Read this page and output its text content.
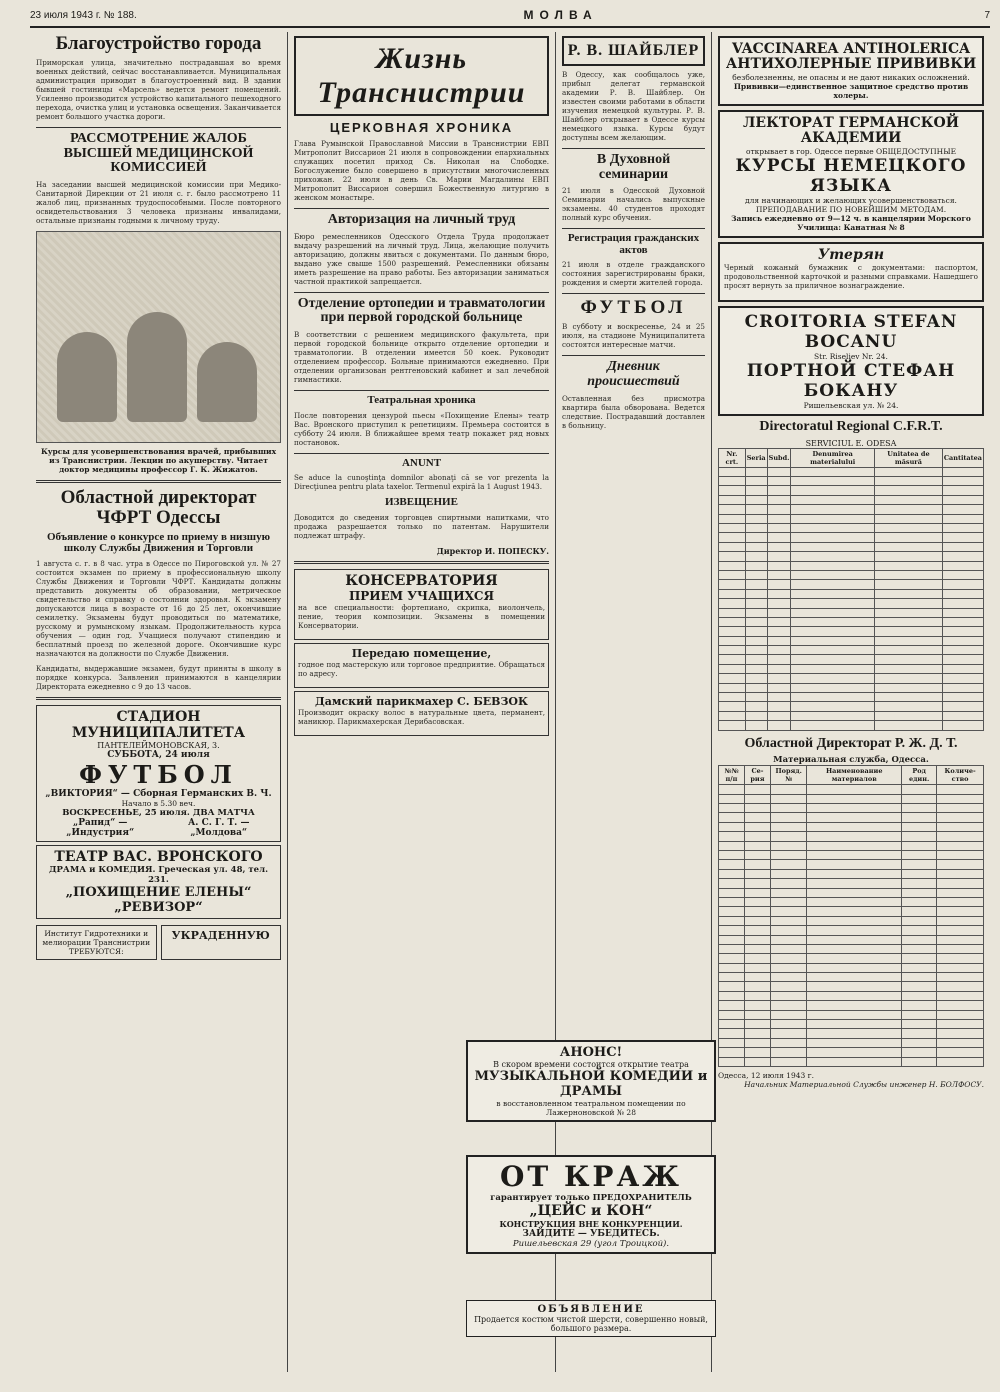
23 июля 1943 г. № 188.	МОЛВА	7
Благоустройство города

Приморская улица, значительно пострадавшая во время военных действий, сейчас восстанавливается. Муниципальная администрация приводит в благоустроенный вид. В здании бывшей гостиницы «Марсель» ведется ремонт помещений. Усиленно производится устройство капитального пешеходного перехода, очистка улиц и установка освещения. Заканчивается ремонт большого участка дороги.

РАССМОТРЕНИЕ ЖАЛОБ ВЫСШЕЙ МЕДИЦИНСКОЙ КОМИССИЕЙ

На заседании высшей медицинской комиссии при Медико-Санитарной Дирекции от 21 июля с. г. было рассмотрено 11 жалоб лиц, признанных трудоспособными. После повторного освидетельствования 3 человека признаны инвалидами, остальные признаны годными к личному труду.

Курсы для усовершенствования врачей, прибывших из Транснистрии. Лекции по акушерству. Читает доктор медицины профессор Г. К. Жижатов.
Областной директорат ЧФРТ Одессы
Объявление о конкурсе по приему в низшую школу Службы Движения и Торговли

1 августа с. г. в 8 час. утра в Одессе по Пироговской ул. № 27 состоится экзамен по приему в профессиональную школу Службы Движения и Торговли ЧФРТ. Кандидаты должны представить документы об образовании, метрическое свидетельство и справку о состоянии здоровья. К экзамену допускаются лица в возрасте от 16 до 25 лет, окончившие семилетку. Экзамены будут проводиться по математике, русскому и румынскому языкам. Продолжительность курса обучения — один год. Учащиеся получают стипендию и бесплатный проезд по железной дороге. Окончившие курс назначаются на должности по Службе Движения.

Кандидаты, выдержавшие экзамен, будут приняты в школу в порядке конкурса. Заявления принимаются в канцелярии Директората ежедневно с 9 до 13 часов.

СТАДИОН МУНИЦИПАЛИТЕТА
ПАНТЕЛЕЙМОНОВСКАЯ, 3.
СУББОТА, 24 июля
ФУТБОЛ
„ВИКТОРИЯ“ — Сборная Германских В. Ч.
Начало в 5.30 веч.
ВОСКРЕСЕНЬЕ, 25 июля. ДВА МАТЧА
„Рапид“ — „Индустрия“
А. С. Г. Т. — „Молдова“
ТЕАТР ВАС. ВРОНСКОГО
ДРАМА и КОМЕДИЯ. Греческая ул. 48, тел. 231.
„ПОХИЩЕНИЕ ЕЛЕНЫ“
„РЕВИЗОР“
Институт Гидротехники и мелиорации Транснистрии ТРЕБУЮТСЯ:
УКРАДЕННУЮ
Жизнь Транснистрии
ЦЕРКОВНАЯ ХРОНИКА

Глава Румынской Православной Миссии в Транснистрии ЕВП Митрополит Виссарион 21 июля в сопровождении епархиальных служащих посетил приход Св. Николая на Слободке. Богослужение было совершено в присутствии многочисленных прихожан. 22 июля в день Св. Марии Магдалины ЕВП Митрополит Виссарион совершил Божественную литургию в женском монастыре.

Авторизация на личный труд

Бюро ремесленников Одесского Отдела Труда продолжает выдачу разрешений на личный труд. Лица, желающие получить авторизацию, должны явиться с документами. По данным бюро, выдано уже свыше 1500 разрешений. Ремесленники обязаны иметь разрешение на право работы. Без авторизации заниматься частной практикой запрещается.

Отделение ортопедии и травматологии при первой городской больнице

В соответствии с решением медицинского факультета, при первой городской больнице открыто отделение ортопедии и травматологии. В отделении имеется 50 коек. Руководит отделением профессор. Больные принимаются ежедневно. При отделении организован рентгеновский кабинет и зал лечебной гимнастики.

Театральная хроника

После повторения цензурой пьесы «Похищение Елены» театр Вас. Вронского приступил к репетициям. Премьера состоится в субботу 24 июля. В ближайшее время театр покажет ряд новых постановок.

ANUNT

Se aduce la cunoştinţa domnilor abonaţi că se vor prezenta la Direcţiunea pentru plata taxelor. Termenul expiră la 1 August 1943.

ИЗВЕЩЕНИЕ

Доводится до сведения торговцев спиртными напитками, что продажа разрешается только по патентам. Нарушители подлежат штрафу.

Директор И. ПОПЕСКУ.
КОНСЕРВАТОРИЯ
ПРИЕМ УЧАЩИХСЯ

на все специальности: фортепиано, скрипка, виолончель, пение, теория композиции. Экзамены в помещении Консерватории.

Передаю помещение,

годное под мастерскую или торговое предприятие. Обращаться по адресу.

Дамский парикмахер С. БЕВЗОК

Производит окраску волос в натуральные цвета, перманент, маникюр. Парикмахерская Дерибасовская.

Р. В. ШАЙБЛЕР

В Одессу, как сообщалось уже, прибыл делегат германской академии Р. В. Шайблер. Он известен своими работами в области изучения немецкой культуры. Р. В. Шайблер открывает в Одессе курсы немецкого языка. Курсы будут доступны всем желающим.

В Духовной семинарии

21 июля в Одесской Духовной Семинарии начались выпускные экзамены. 40 студентов проходят полный курс обучения.

Регистрация гражданских актов

21 июля в отделе гражданского состояния зарегистрированы браки, рождения и смерти жителей города.

ФУТБОЛ

В субботу и воскресенье, 24 и 25 июля, на стадионе Муниципалитета состоятся интересные матчи.

Дневник происшествий

Оставленная без присмотра квартира была обворована. Ведется следствие. Пострадавший доставлен в больницу.

VACCINAREA ANTIHOLERICA
АНТИХОЛЕРНЫЕ ПРИВИВКИ
безболезненны, не опасны и не дают никаких осложнений.
Прививки—единственное защитное средство против холеры.
ЛЕКТОРАТ ГЕРМАНСКОЙ АКАДЕМИИ
открывает в гор. Одессе первые ОБЩЕДОСТУПНЫЕ
КУРСЫ НЕМЕЦКОГО ЯЗЫКА
для начинающих и желающих усовершенствоваться. ПРЕПОДАВАНИЕ ПО НОВЕЙШИМ МЕТОДАМ.
Запись ежедневно от 9—12 ч. в канцелярии Морского Училища: Канатная № 8
Утерян

Черный кожаный бумажник с документами: паспортом, продовольственной карточкой и разными справками. Нашедшего просят вернуть за приличное вознаграждение.

CROITORIA STEFAN BOCANU
Str. Riseliev Nr. 24.
ПОРТНОЙ СТЕФАН БОКАНУ
Ришельевская ул. № 24.
Directoratul Regional C.F.R.T.
SERVICIUL E. ODESA
Nr. crt.	Seria	Subd.	Denumirea materialului	Unitatea de măsură	Cantitatea

Областной Директорат Р. Ж. Д. Т.
Материальная служба, Одесса.
№№ п/п	Се-рия	Поряд. №	Наименование материалов	Род един.	Количе-ство

Одесса, 12 июля 1943 г.
Начальник Материальной Службы инженер Н. БОЛФОСУ.
АНОНС!
В скором времени состоится открытие театра
МУЗЫКАЛЬНОЙ КОМЕДИИ и ДРАМЫ
в восстановленном театральном помещении по Лажерноновской № 28
ОТ КРАЖ
гарантирует только ПРЕДОХРАНИТЕЛЬ
„ЦЕЙС и КОН“
КОНСТРУКЦИЯ ВНЕ КОНКУРЕНЦИИ.
ЗАЙДИТЕ — УБЕДИТЕСЬ.
Ришельевская 29 (угол Троицкой).
ОБЪЯВЛЕНИЕ
Продается костюм чистой шерсти, совершенно новый, большого размера.
